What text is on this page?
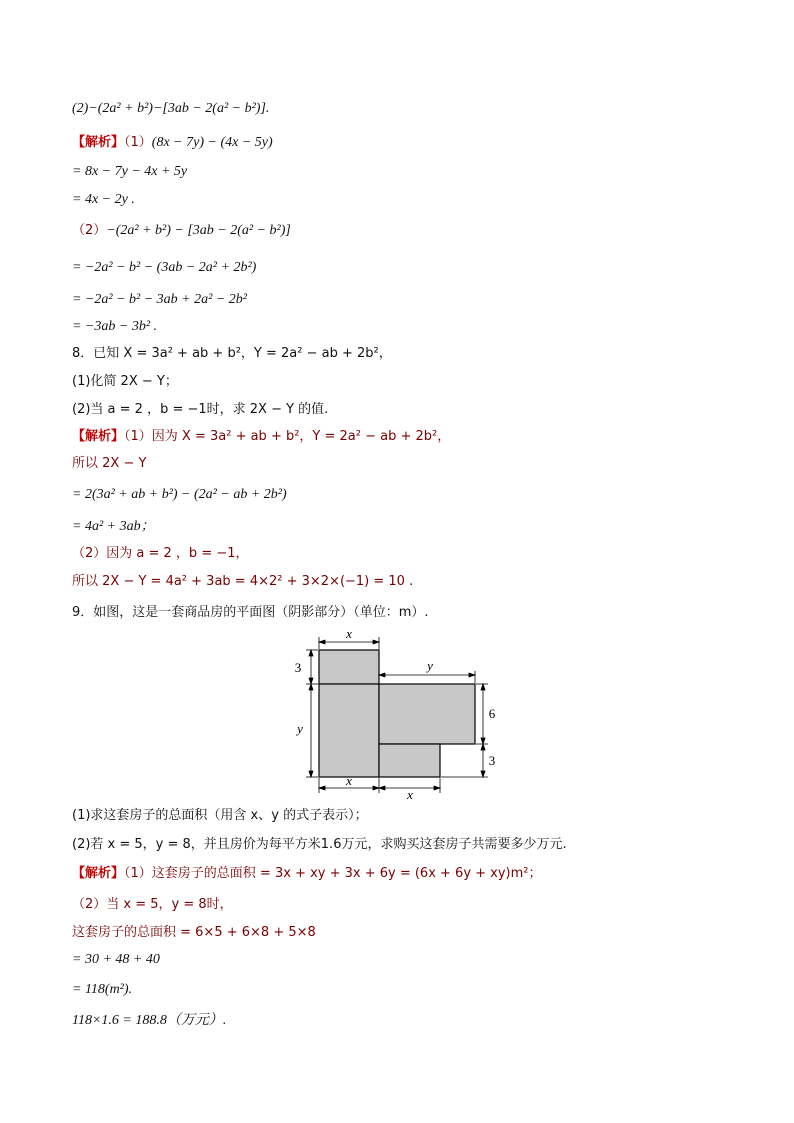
(2)−(2a² + b²)−[3ab − 2(a² − b²)].
【解析】（1）(8x − 7y) − (4x − 5y)
= 8x − 7y − 4x + 5y
= 4x − 2y .
（2）−(2a² + b²) − [3ab − 2(a² − b²)]
= −2a² − b² − (3ab − 2a² + 2b²)
= −2a² − b² − 3ab + 2a² − 2b²
= −3ab − 3b² .
8．已知 X = 3a² + ab + b²，Y = 2a² − ab + 2b²，
(1)化简 2X − Y；
(2)当 a = 2 ，b = −1时，求 2X − Y 的值.
【解析】（1）因为 X = 3a² + ab + b²，Y = 2a² − ab + 2b²，
所以 2X − Y
= 2(3a² + ab + b²) − (2a² − ab + 2b²)
= 4a² + 3ab；
（2）因为 a = 2 ，b = −1，
所以 2X − Y = 4a² + 3ab = 4×2² + 3×2×(−1) = 10 .
9．如图，这是一套商品房的平面图（阴影部分）（单位：m）.
x
y
3
y
6
3
x
x
(1)求这套房子的总面积（用含 x、y 的式子表示）；
(2)若 x = 5，y = 8，并且房价为每平方米1.6万元，求购买这套房子共需要多少万元.
【解析】（1）这套房子的总面积 = 3x + xy + 3x + 6y = (6x + 6y + xy)m²；
（2）当 x = 5，y = 8时，
这套房子的总面积 = 6×5 + 6×8 + 5×8
= 30 + 48 + 40
= 118(m²).
118×1.6 = 188.8（万元）.
